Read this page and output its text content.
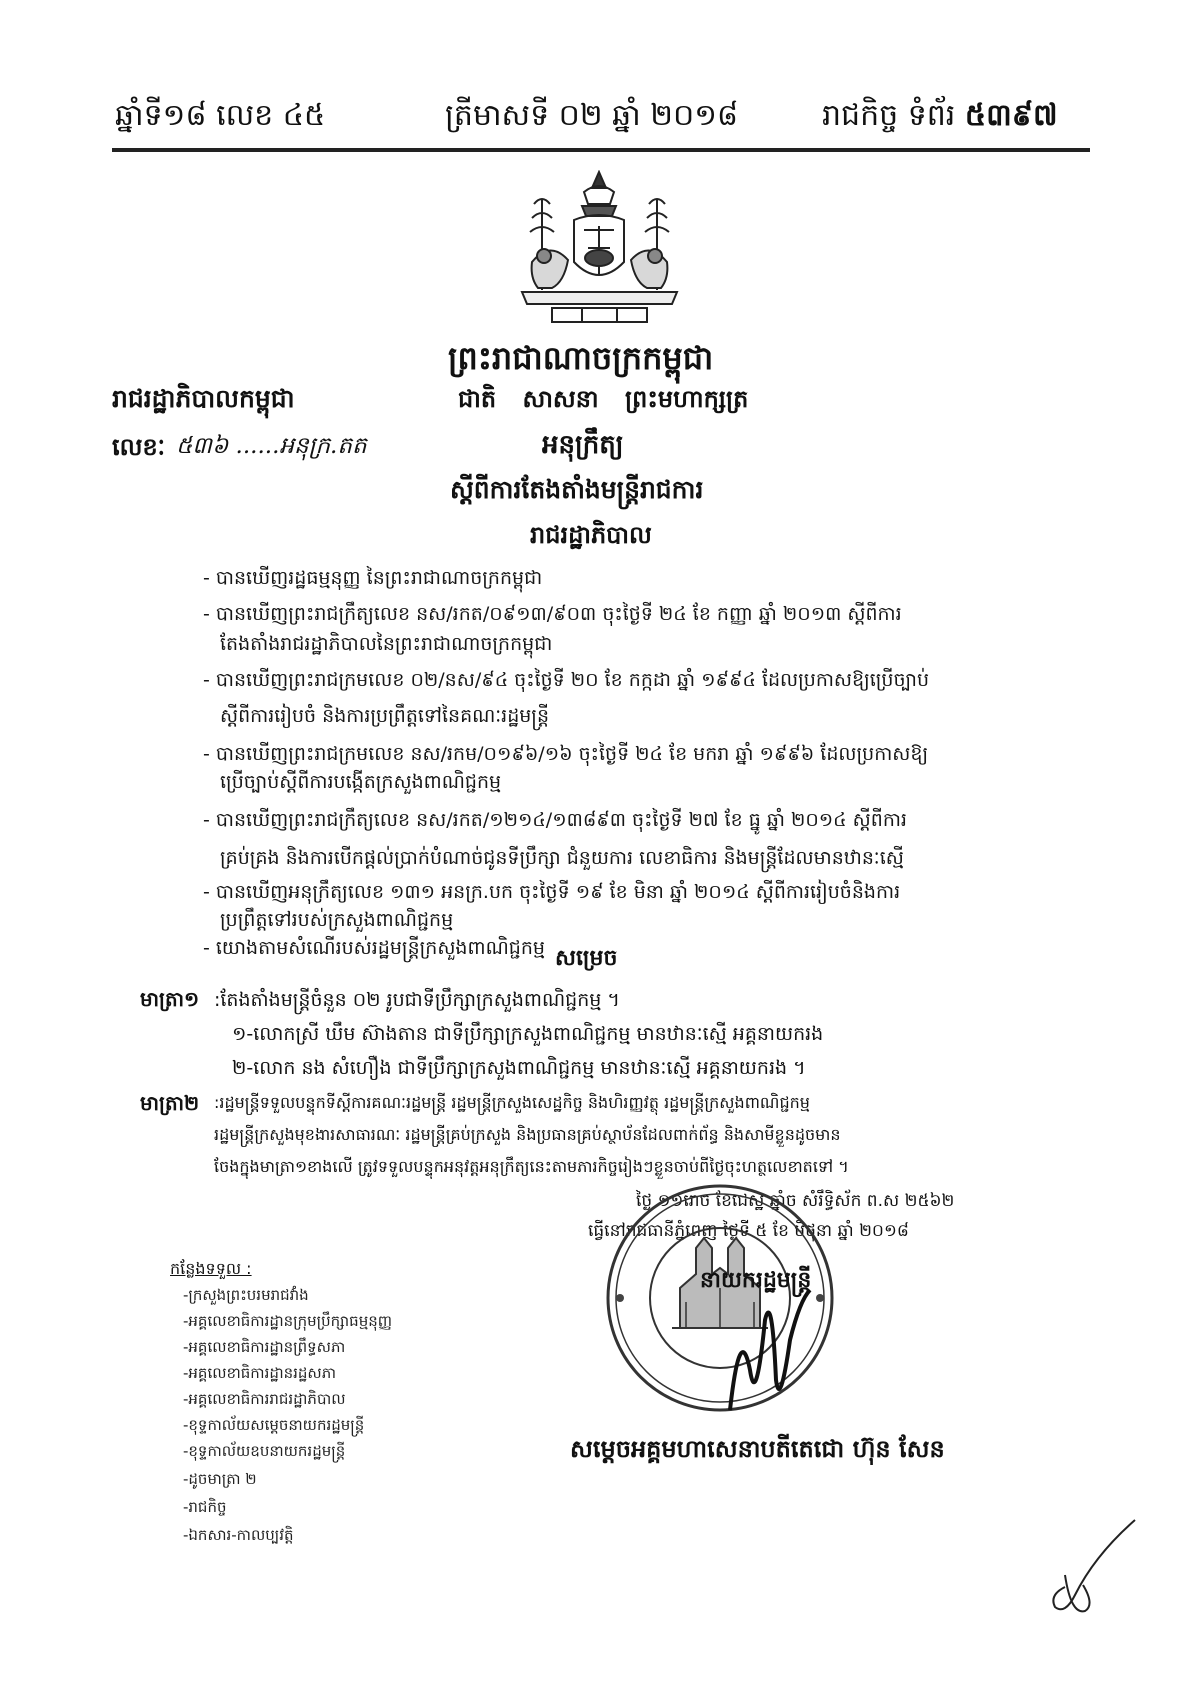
ឆ្នាំទី១៨ លេខ ៤៥	ត្រីមាសទី ០២ ឆ្នាំ ២០១៨	រាជកិច្ច ទំព័រ ៥៣៩៧
ព្រះរាជាណាចក្រកម្ពុជា
រាជរដ្ឋាភិបាលកម្ពុជា	ជាតិ សាសនា ព្រះមហាក្សត្រ
លេខៈ ៥៣៦ ......អនុក្រ.តត	អនុក្រឹត្យ
ស្តីពីការតែងតាំងមន្ត្រីរាជការ
រាជរដ្ឋាភិបាល
- បានឃើញរដ្ឋធម្មនុញ្ញ នៃព្រះរាជាណាចក្រកម្ពុជា
- បានឃើញព្រះរាជក្រឹត្យលេខ នស/រកត/០៩១៣/៩០៣ ចុះថ្ងៃទី ២៤ ខែ កញ្ញា ឆ្នាំ ២០១៣ ស្តីពីការ
តែងតាំងរាជរដ្ឋាភិបាលនៃព្រះរាជាណាចក្រកម្ពុជា
- បានឃើញព្រះរាជក្រមលេខ ០២/នស/៩៤ ចុះថ្ងៃទី ២០ ខែ កក្កដា ឆ្នាំ ១៩៩៤ ដែលប្រកាសឱ្យប្រើច្បាប់
ស្តីពីការរៀបចំ និងការប្រព្រឹត្តទៅនៃគណៈរដ្ឋមន្ត្រី
- បានឃើញព្រះរាជក្រមលេខ នស/រកម/០១៩៦/១៦ ចុះថ្ងៃទី ២៤ ខែ មករា ឆ្នាំ ១៩៩៦ ដែលប្រកាសឱ្យ
ប្រើច្បាប់ស្តីពីការបង្កើតក្រសួងពាណិជ្ជកម្ម
- បានឃើញព្រះរាជក្រឹត្យលេខ នស/រកត/១២១៤/១៣៨៩៣ ចុះថ្ងៃទី ២៧ ខែ ធ្នូ ឆ្នាំ ២០១៤ ស្តីពីការ
គ្រប់គ្រង និងការបើកផ្តល់ប្រាក់បំណាច់ជូនទីប្រឹក្សា ជំនួយការ លេខាធិការ និងមន្ត្រីដែលមានឋានៈស្មើ
- បានឃើញអនុក្រឹត្យលេខ ១៣១ អនក្រ.បក ចុះថ្ងៃទី ១៩ ខែ មិនា ឆ្នាំ ២០១៤ ស្តីពីការរៀបចំនិងការ
ប្រព្រឹត្តទៅរបស់ក្រសួងពាណិជ្ជកម្ម
- យោងតាមសំណើរបស់រដ្ឋមន្ត្រីក្រសួងពាណិជ្ជកម្ម សម្រេច
មាត្រា១ :តែងតាំងមន្ត្រីចំនួន ០២ រូបជាទីប្រឹក្សាក្រសួងពាណិជ្ជកម្ម ។
១-លោកស្រី ឃឹម ស៊ាងតាន ជាទីប្រឹក្សាក្រសួងពាណិជ្ជកម្ម មានឋានៈស្មើ អគ្គនាយករង
២-លោក នង សំហឿង ជាទីប្រឹក្សាក្រសួងពាណិជ្ជកម្ម មានឋានៈស្មើ អគ្គនាយករង ។
មាត្រា២ :រដ្ឋមន្ត្រីទទួលបន្ទុកទីស្តីការគណៈរដ្ឋមន្ត្រី រដ្ឋមន្ត្រីក្រសួងសេដ្ឋកិច្ច និងហិរញ្ញវត្ថុ រដ្ឋមន្ត្រីក្រសួងពាណិជ្ជកម្ម
រដ្ឋមន្ត្រីក្រសួងមុខងារសាធារណៈ រដ្ឋមន្ត្រីគ្រប់ក្រសួង និងប្រធានគ្រប់ស្ថាប័នដែលពាក់ព័ន្ធ និងសាមីខ្លួនដូចមាន
ចែងក្នុងមាត្រា១ខាងលើ ត្រូវទទួលបន្ទុកអនុវត្តអនុក្រឹត្យនេះតាមភារកិច្ចរៀងៗខ្លួនចាប់ពីថ្ងៃចុះហត្ថលេខាតទៅ ។
ថ្ងៃ ១១រោច ខែជេស្ឋ ឆ្នាំច សំរឹទ្ធិស័ក ព.ស ២៥៦២
ធ្វើនៅរាជធានីភ្នំពេញ ថ្ងៃទី ៥ ខែ មិថុនា ឆ្នាំ ២០១៨
នាយករដ្ឋមន្ត្រី
សម្តេចអគ្គមហាសេនាបតីតេជោ ហ៊ុន សែន
កន្លែងទទួល :
-ក្រសួងព្រះបរមរាជវាំង
-អគ្គលេខាធិការដ្ឋានក្រុមប្រឹក្សាធម្មនុញ្ញ
-អគ្គលេខាធិការដ្ឋានព្រឹទ្ធសភា
-អគ្គលេខាធិការដ្ឋានរដ្ឋសភា
-អគ្គលេខាធិការរាជរដ្ឋាភិបាល
-ខុទ្ទកាល័យសម្តេចនាយករដ្ឋមន្ត្រី
-ខុទ្ទកាល័យឧបនាយករដ្ឋមន្ត្រី
-ដូចមាត្រា ២
-រាជកិច្ច
-ឯកសារ-កាលប្បវត្តិ
